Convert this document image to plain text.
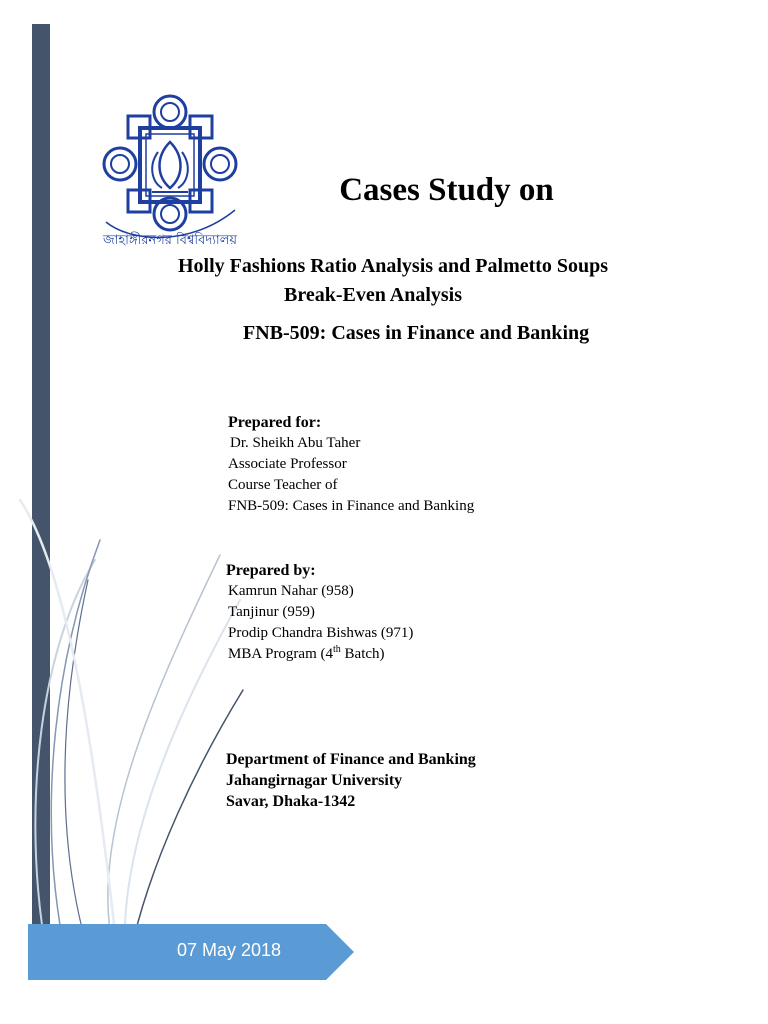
জাহাঙ্গীরনগর বিশ্ববিদ্যালয়
Cases Study on
Holly Fashions Ratio Analysis and Palmetto Soups
Break-Even Analysis
FNB-509: Cases in Finance and Banking
Prepared for:
Dr. Sheikh Abu Taher
Associate Professor
Course Teacher of
FNB-509: Cases in Finance and Banking
Prepared by:
Kamrun Nahar (958)
Tanjinur (959)
Prodip Chandra Bishwas (971)
MBA Program (4th Batch)
Department of Finance and Banking
Jahangirnagar University
Savar, Dhaka-1342
07 May 2018
